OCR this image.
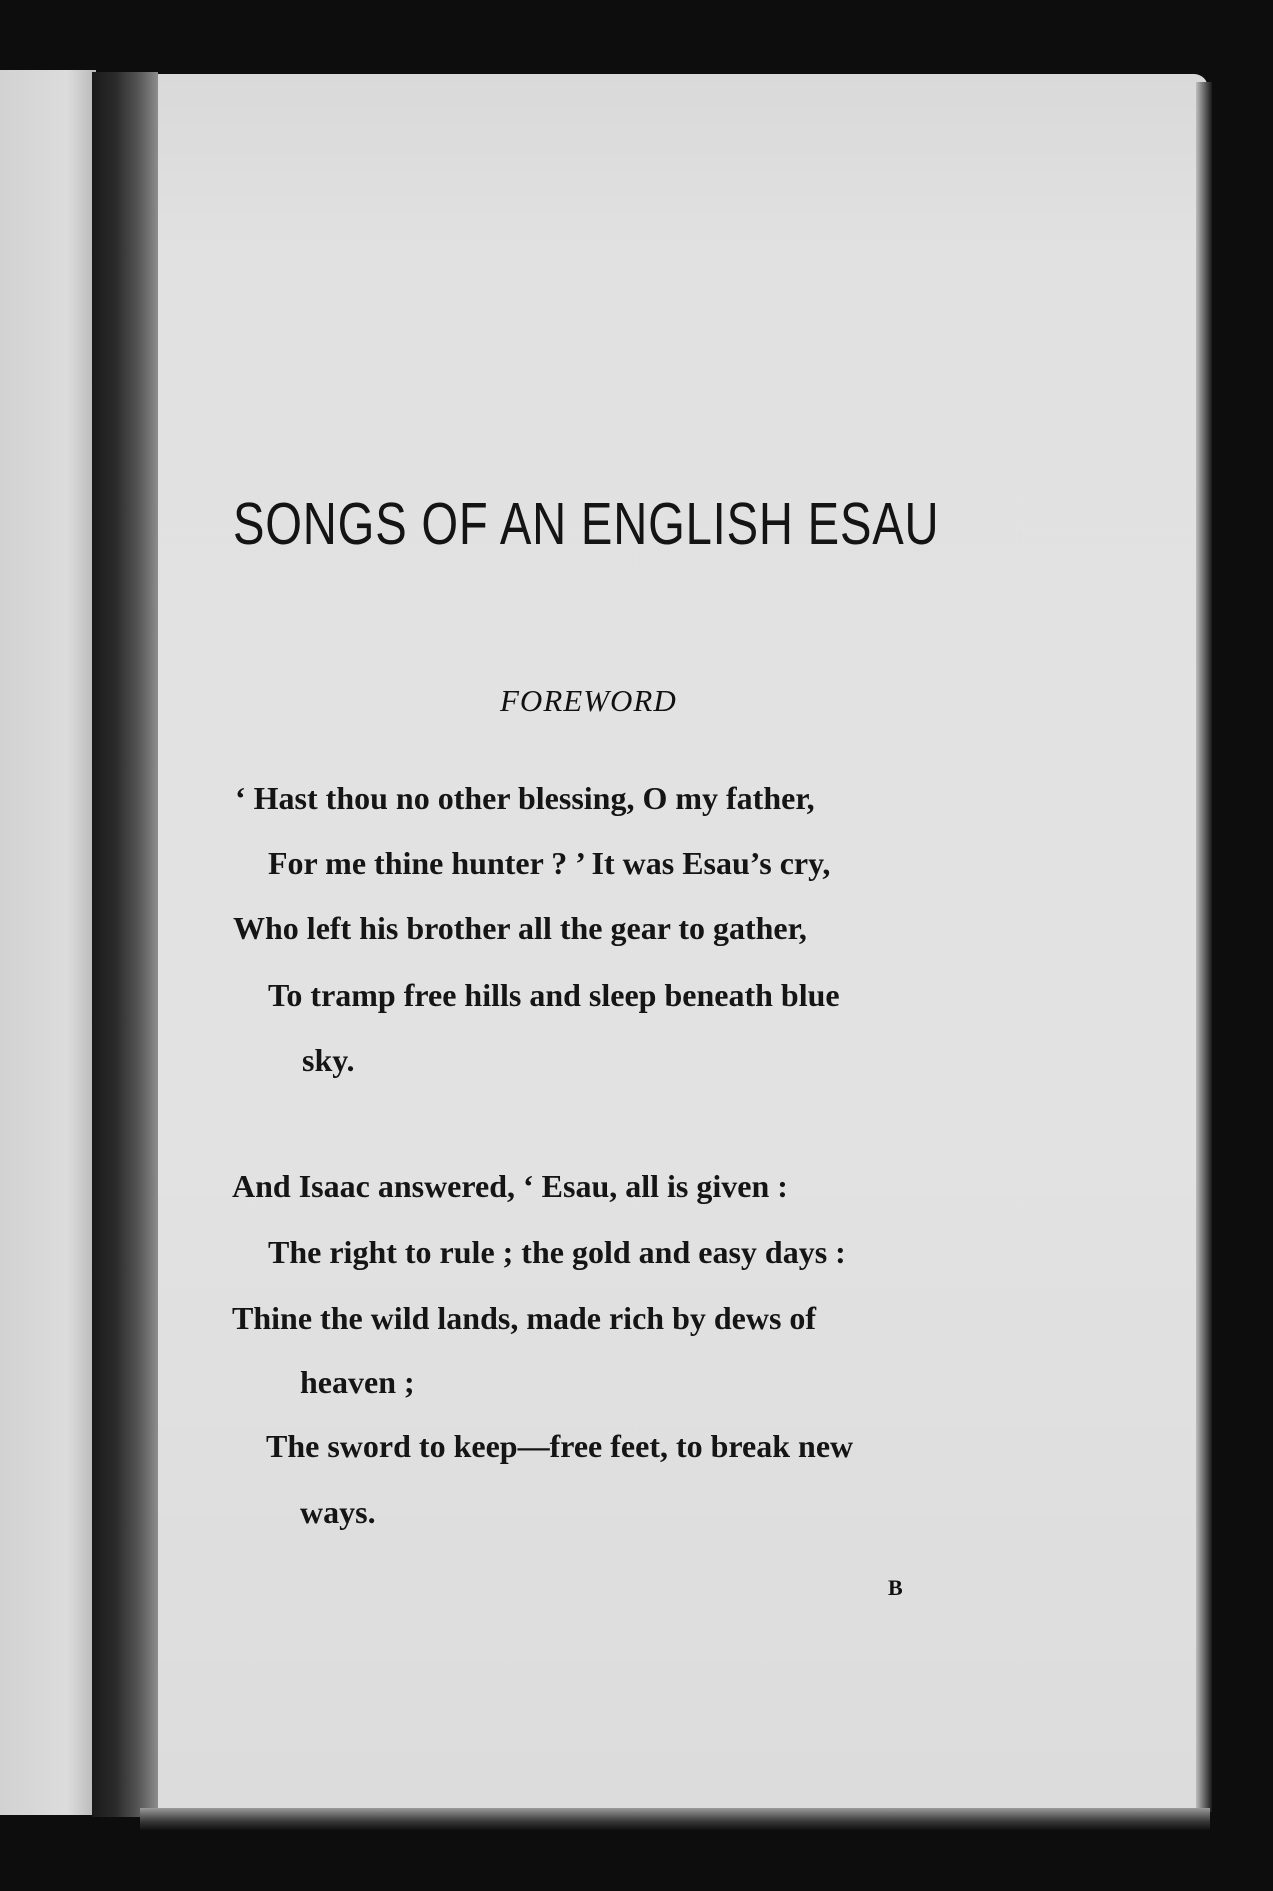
SONGS OF AN ENGLISH ESAU
FOREWORD
‘ Hast thou no other blessing, O my father,
For me thine hunter ? ’ It was Esau’s cry,
Who left his brother all the gear to gather,
To tramp free hills and sleep beneath blue
sky.
And Isaac answered, ‘ Esau, all is given :
The right to rule ; the gold and easy days :
Thine the wild lands, made rich by dews of
heaven ;
The sword to keep—free feet, to break new
ways.
B
